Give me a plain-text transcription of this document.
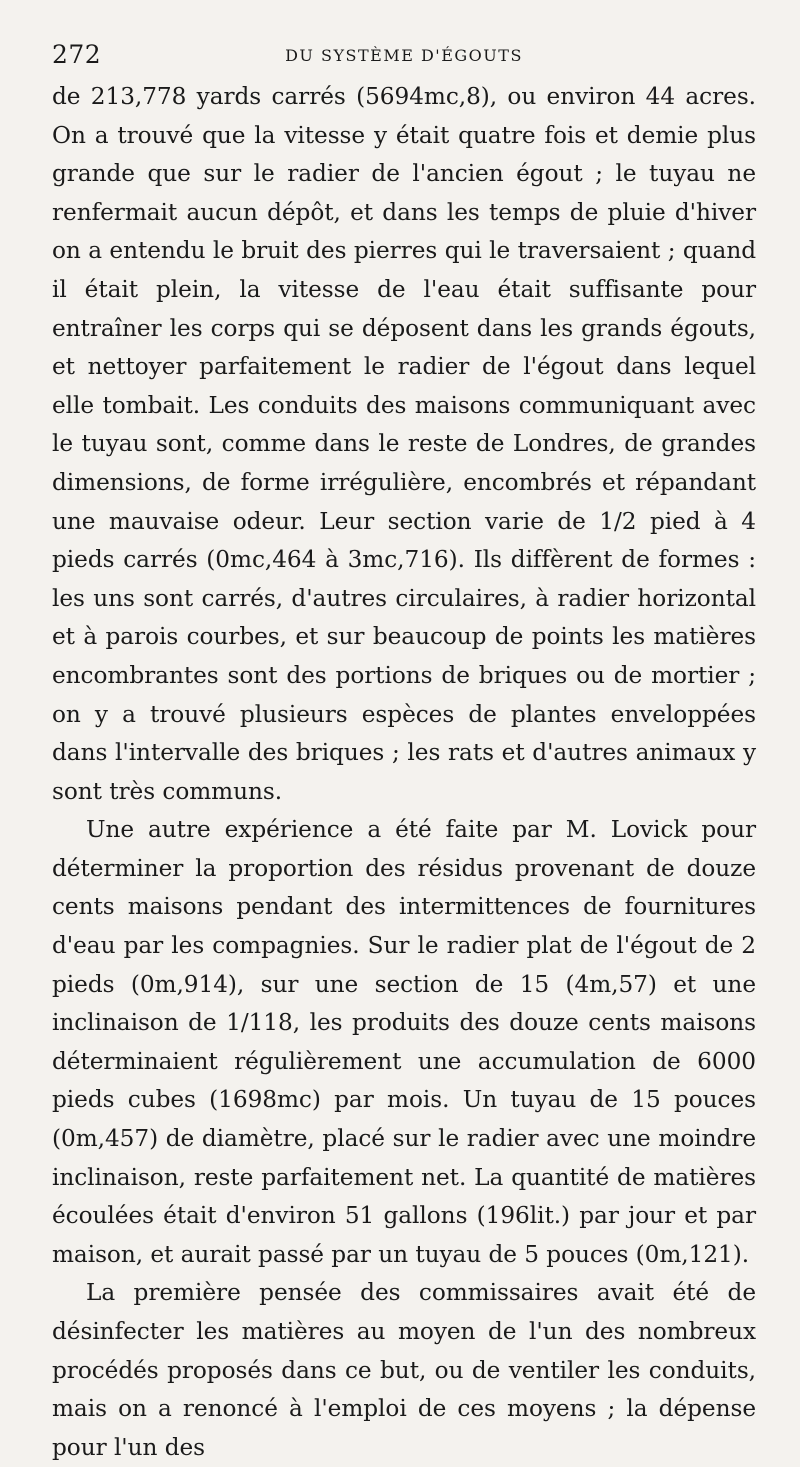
272	DU SYSTÈME D'ÉGOUTS

de 213,778 yards carrés (5694mc,8), ou environ 44 acres. On a trouvé que la vitesse y était quatre fois et demie plus grande que sur le radier de l'ancien égout ; le tuyau ne renfermait aucun dépôt, et dans les temps de pluie d'hiver on a entendu le bruit des pierres qui le traversaient ; quand il était plein, la vitesse de l'eau était suffisante pour entraîner les corps qui se déposent dans les grands égouts, et nettoyer parfaitement le radier de l'égout dans lequel elle tombait. Les conduits des maisons communiquant avec le tuyau sont, comme dans le reste de Londres, de grandes dimensions, de forme irrégulière, encombrés et répandant une mauvaise odeur. Leur section varie de 1/2 pied à 4 pieds carrés (0mc,464 à 3mc,716). Ils diffèrent de formes : les uns sont carrés, d'autres circulaires, à radier horizontal et à parois courbes, et sur beaucoup de points les matières encombrantes sont des portions de briques ou de mortier ; on y a trouvé plusieurs espèces de plantes enveloppées dans l'intervalle des briques ; les rats et d'autres animaux y sont très communs.

Une autre expérience a été faite par M. Lovick pour déterminer la proportion des résidus provenant de douze cents maisons pendant des intermittences de fournitures d'eau par les compagnies. Sur le radier plat de l'égout de 2 pieds (0m,914), sur une section de 15 (4m,57) et une inclinaison de 1/118, les produits des douze cents maisons déterminaient régulièrement une accumulation de 6000 pieds cubes (1698mc) par mois. Un tuyau de 15 pouces (0m,457) de diamètre, placé sur le radier avec une moindre inclinaison, reste parfaitement net. La quantité de matières écoulées était d'environ 51 gallons (196lit.) par jour et par maison, et aurait passé par un tuyau de 5 pouces (0m,121).

La première pensée des commissaires avait été de désinfecter les matières au moyen de l'un des nombreux procédés proposés dans ce but, ou de ventiler les conduits, mais on a renoncé à l'emploi de ces moyens ; la dépense pour l'un des
